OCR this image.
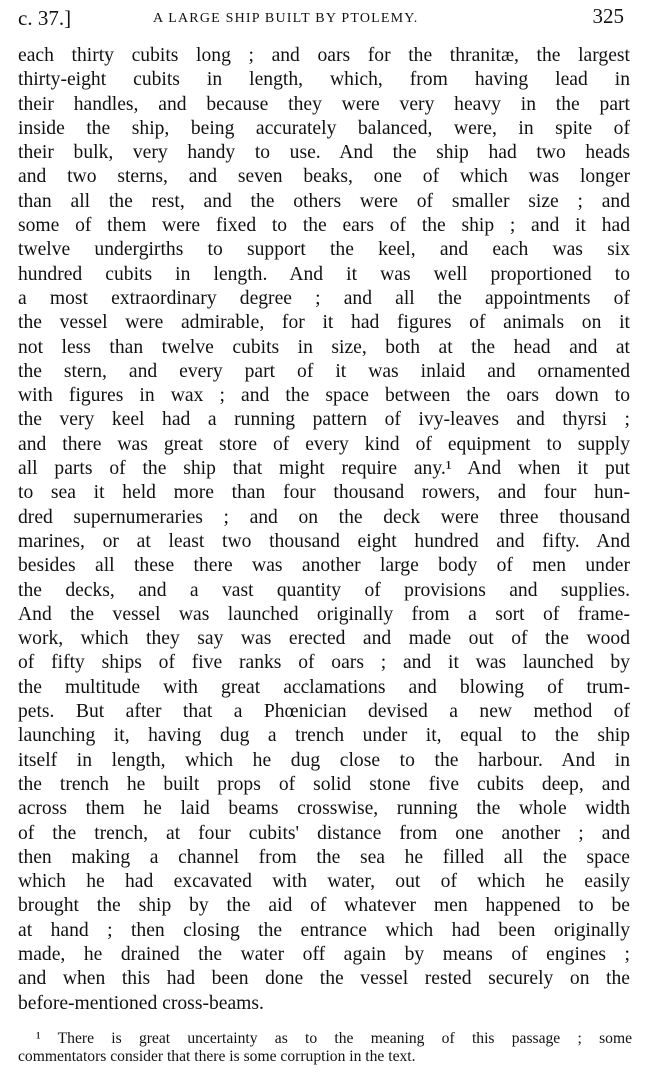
c. 37.]	A LARGE SHIP BUILT BY PTOLEMY.	325
each thirty cubits long ; and oars for the thranitæ, the largest
thirty-eight cubits in length, which, from having lead in
their handles, and because they were very heavy in the part
inside the ship, being accurately balanced, were, in spite of
their bulk, very handy to use. And the ship had two heads
and two sterns, and seven beaks, one of which was longer
than all the rest, and the others were of smaller size ; and
some of them were fixed to the ears of the ship ; and it had
twelve undergirths to support the keel, and each was six
hundred cubits in length. And it was well proportioned to
a most extraordinary degree ; and all the appointments of
the vessel were admirable, for it had figures of animals on it
not less than twelve cubits in size, both at the head and at
the stern, and every part of it was inlaid and ornamented
with figures in wax ; and the space between the oars down to
the very keel had a running pattern of ivy-leaves and thyrsi ;
and there was great store of every kind of equipment to supply
all parts of the ship that might require any.¹ And when it put
to sea it held more than four thousand rowers, and four hun-
dred supernumeraries ; and on the deck were three thousand
marines, or at least two thousand eight hundred and fifty. And
besides all these there was another large body of men under
the decks, and a vast quantity of provisions and supplies.
And the vessel was launched originally from a sort of frame-
work, which they say was erected and made out of the wood
of fifty ships of five ranks of oars ; and it was launched by
the multitude with great acclamations and blowing of trum-
pets. But after that a Phœnician devised a new method of
launching it, having dug a trench under it, equal to the ship
itself in length, which he dug close to the harbour. And in
the trench he built props of solid stone five cubits deep, and
across them he laid beams crosswise, running the whole width
of the trench, at four cubits' distance from one another ; and
then making a channel from the sea he filled all the space
which he had excavated with water, out of which he easily
brought the ship by the aid of whatever men happened to be
at hand ; then closing the entrance which had been originally
made, he drained the water off again by means of engines ;
and when this had been done the vessel rested securely on the
before-mentioned cross-beams.
¹ There is great uncertainty as to the meaning of this passage ; some
commentators consider that there is some corruption in the text.
